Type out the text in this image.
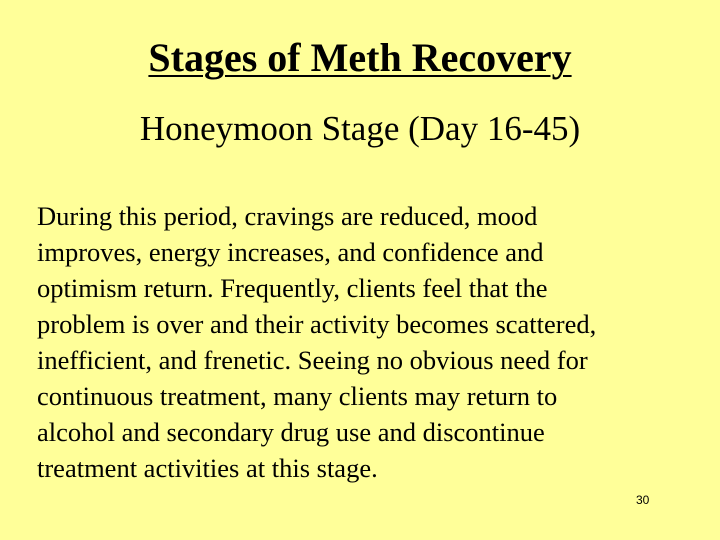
Stages of Meth Recovery
Honeymoon Stage (Day 16-45)
During this period, cravings are reduced, mood
improves, energy increases, and confidence and
optimism return. Frequently, clients feel that the
problem is over and their activity becomes scattered,
inefficient, and frenetic. Seeing no obvious need for
continuous treatment, many clients may return to
alcohol and secondary drug use and discontinue
treatment activities at this stage.
30
